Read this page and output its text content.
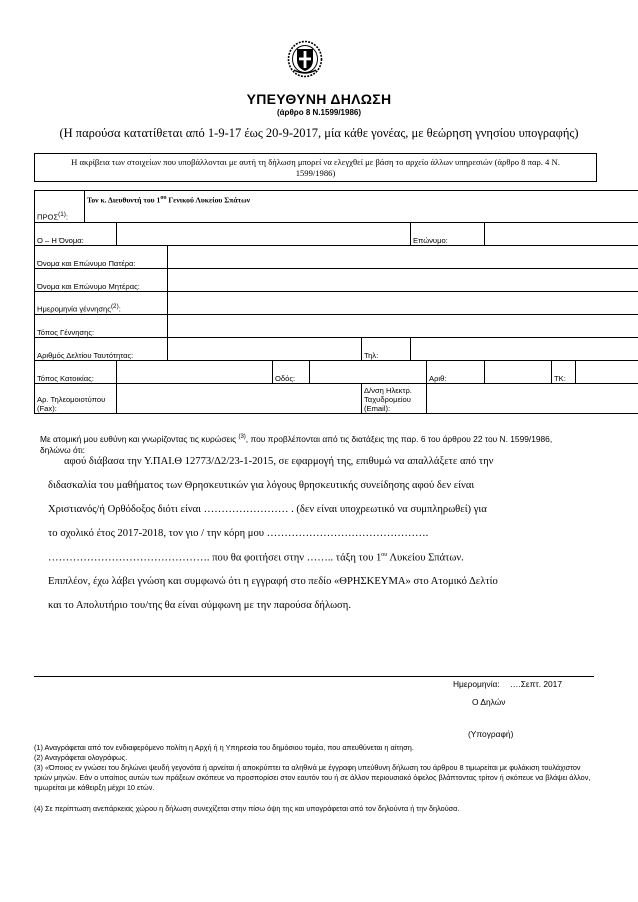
ΥΠΕΥΘΥΝΗ ΔΗΛΩΣΗ
(άρθρο 8 Ν.1599/1986)
(Η παρούσα κατατίθεται από 1-9-17 έως 20-9-2017, μία κάθε γονέας, με θεώρηση γνησίου υπογραφής)
Η ακρίβεια των στοιχείων που υποβάλλονται με αυτή τη δήλωση μπορεί να ελεγχθεί με βάση το αρχείο άλλων υπηρεσιών (άρθρο 8 παρ. 4 Ν. 1599/1986)
ΠΡΟΣ$^{(1)}$:	Τον κ. Διευθυντή του $1^{o\upsilon}$ Γενικού Λυκείου Σπάτων										
Ο – Η Όνομα:							Επώνυμο:				
Όνομα και Επώνυμο Πατέρα:											
Όνομα και Επώνυμο Μητέρας:											
Ημερομηνία γέννησης$^{(2)}$:											
Τόπος Γέννησης:											
Αριθμός Δελτίου Ταυτότητας:						Τηλ:					
Τόπος Κατοικίας:				Οδός:				Αριθ:		ΤΚ:	
Αρ. Τηλεομοιοτύπου (Fax):						Δ/νση Ηλεκτρ. Ταχυδρομείου (Email):					
Με ατομική μου ευθύνη και γνωρίζοντας τις κυρώσεις $^{(3)}$, που προβλέπονται από τις διατάξεις της παρ. 6 του άρθρου 22 του Ν. 1599/1986, δηλώνω ότι:
αφού διάβασα την Υ.ΠΑΙ.Θ 12773/Δ2/23-1-2015, σε εφαρμογή της, επιθυμώ να απαλλάξετε από την
διδασκαλία του μαθήματος των Θρησκευτικών για λόγους θρησκευτικής συνείδησης αφού δεν είναι
Χριστιανός/ή Ορθόδοξος διότι είναι …………………… . (δεν είναι υποχρεωτικό να συμπληρωθεί) για
το σχολικό έτος 2017-2018, τον γιο / την κόρη μου ……………………………………….
………………………………………. που θα φοιτήσει στην …….. τάξη του $1^{o\upsilon}$ Λυκείου Σπάτων.
Επιπλέον, έχω λάβει γνώση και συμφωνώ ότι η εγγραφή στο πεδίο «ΘΡΗΣΚΕΥΜΑ» στο Ατομικό Δελτίο
και το Απολυτήριο του/της θα είναι σύμφωνη με την παρούσα δήλωση.
Ημερομηνία: ….Σεπτ. 2017
Ο Δηλών
(Υπογραφή)
(1) Αναγράφεται από τον ενδιαφερόμενο πολίτη η Αρχή ή η Υπηρεσία του δημόσιου τομέα, που απευθύνεται η αίτηση.
(2) Αναγράφεται ολογράφως.
(3) «Όποιος εν γνώσει του δηλώνει ψευδή γεγονότα ή αρνείται ή αποκρύπτει τα αληθινά με έγγραφη υπεύθυνη δήλωση του άρθρου 8 τιμωρείται με φυλάκιση τουλάχιστον τριών μηνών. Εάν ο υπαίτιος αυτών των πράξεων σκόπευε να προσπορίσει στον εαυτόν του ή σε άλλον περιουσιακό όφελος βλάπτοντας τρίτον ή σκόπευε να βλάψει άλλον, τιμωρείται με κάθειρξη μέχρι 10 ετών.
(4) Σε περίπτωση ανεπάρκειας χώρου η δήλωση συνεχίζεται στην πίσω όψη της και υπογράφεται από τον δηλούντα ή την δηλούσα.
